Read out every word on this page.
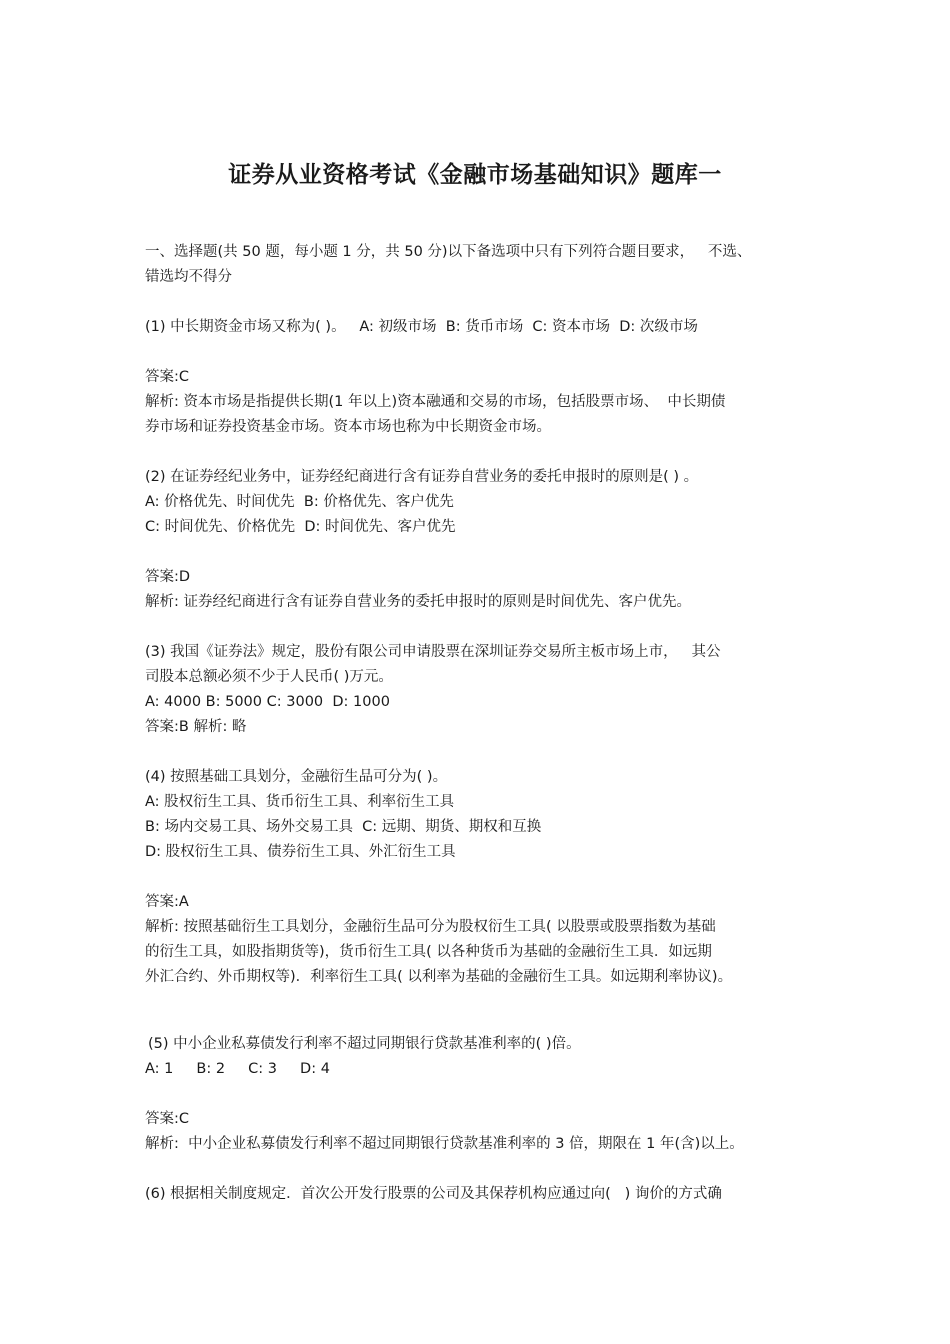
证券从业资格考试《金融市场基础知识》题库一

一、选择题(共 50 题，每小题 1 分，共 50 分)以下备选项中只有下列符合题目要求，   不选、

错选均不得分

(1) 中长期资金市场又称为( )。   A: 初级市场  B: 货币市场  C: 资本市场  D: 次级市场

答案:C

解析: 资本市场是指提供长期(1 年以上)资本融通和交易的市场，包括股票市场、  中长期债

券市场和证券投资基金市场。资本市场也称为中长期资金市场。

(2) 在证券经纪业务中，证券经纪商进行含有证券自营业务的委托申报时的原则是( ) 。

A: 价格优先、时间优先  B: 价格优先、客户优先

C: 时间优先、价格优先  D: 时间优先、客户优先

答案:D

解析: 证券经纪商进行含有证券自营业务的委托申报时的原则是时间优先、客户优先。

(3) 我国《证券法》规定，股份有限公司申请股票在深圳证券交易所主板市场上市，   其公

司股本总额必须不少于人民币( )万元。

A: 4000 B: 5000 C: 3000  D: 1000

答案:B 解析: 略

(4) 按照基础工具划分，金融衍生品可分为( )。

A: 股权衍生工具、货币衍生工具、利率衍生工具

B: 场内交易工具、场外交易工具  C: 远期、期货、期权和互换

D: 股权衍生工具、债券衍生工具、外汇衍生工具

答案:A

解析: 按照基础衍生工具划分，金融衍生品可分为股权衍生工具( 以股票或股票指数为基础

的衍生工具，如股指期货等)，货币衍生工具( 以各种货币为基础的金融衍生工具．如远期

外汇合约、外币期权等)．利率衍生工具( 以利率为基础的金融衍生工具。如远期利率协议)。

(5) 中小企业私募债发行利率不超过同期银行贷款基准利率的( )倍。

A: 1     B: 2     C: 3     D: 4

答案:C

解析:  中小企业私募债发行利率不超过同期银行贷款基准利率的 3 倍，期限在 1 年(含)以上。

(6) 根据相关制度规定．首次公开发行股票的公司及其保荐机构应通过向(   ) 询价的方式确
